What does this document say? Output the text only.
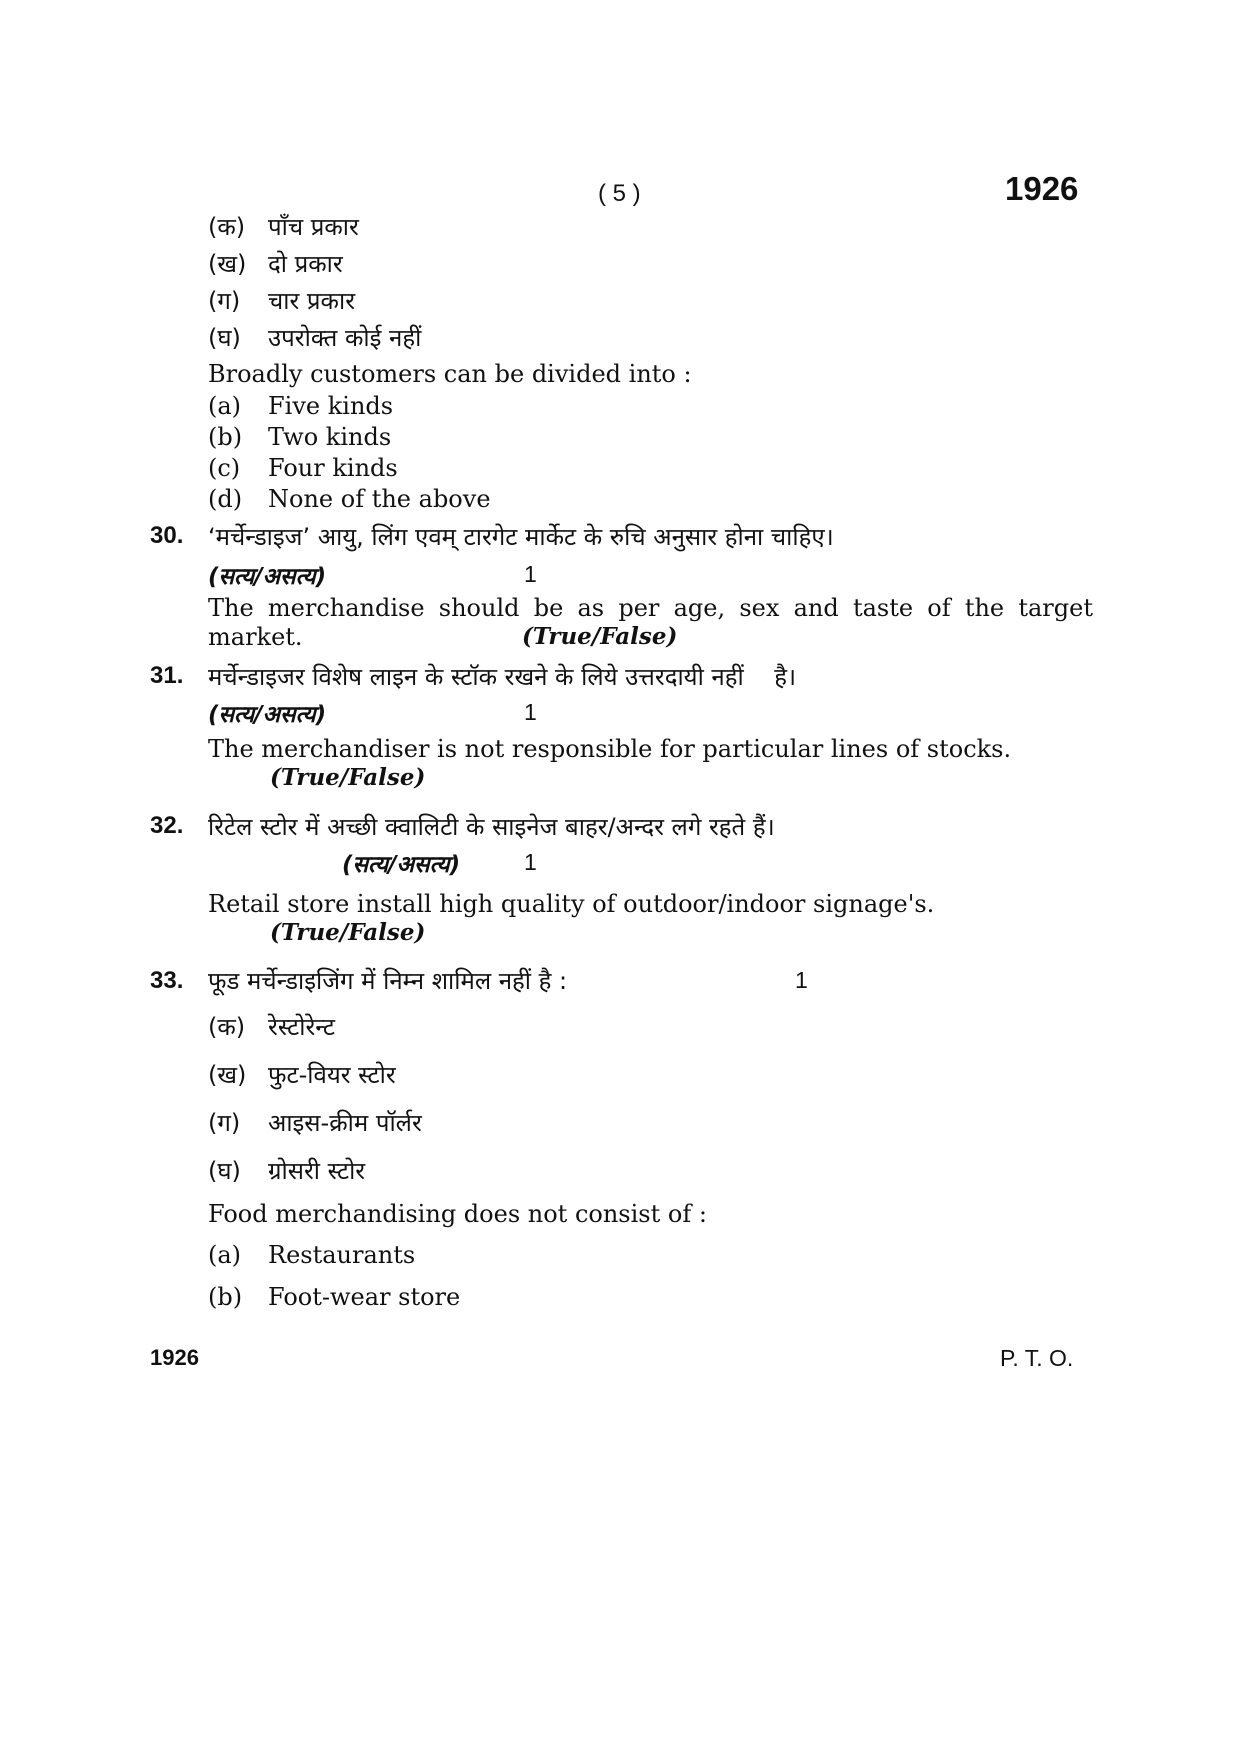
( 5 )	1926
(क) पाँच प्रकार
(ख) दो प्रकार
(ग) चार प्रकार
(घ) उपरोक्त कोई नहीं
Broadly customers can be divided into :
(a) Five kinds
(b) Two kinds
(c) Four kinds
(d) None of the above
30. ‘मर्चेन्डाइज’ आयु, लिंग एवम् टारगेट मार्केट के रुचि अनुसार होना चाहिए।
(सत्य/असत्य)	1
The merchandise should be as per age, sex and taste of the target
market.	(True/False)
31. मर्चेन्डाइजर विशेष लाइन के स्टॉक रखने के लिये उत्तरदायी नहीं    है।
(सत्य/असत्य)	1
The merchandiser is not responsible for particular lines of stocks.
(True/False)
32. रिटेल स्टोर में अच्छी क्वालिटी के साइनेज बाहर/अन्दर लगे रहते हैं।
(सत्य/असत्य)	1
Retail store install high quality of outdoor/indoor signage's.
(True/False)
33. फूड मर्चेन्डाइजिंग में निम्न शामिल नहीं है :	1
(क) रेस्टोरेन्ट
(ख) फुट-वियर स्टोर
(ग) आइस-क्रीम पॉर्लर
(घ) ग्रोसरी स्टोर
Food merchandising does not consist of :
(a) Restaurants
(b) Foot-wear store
1926	P. T. O.
